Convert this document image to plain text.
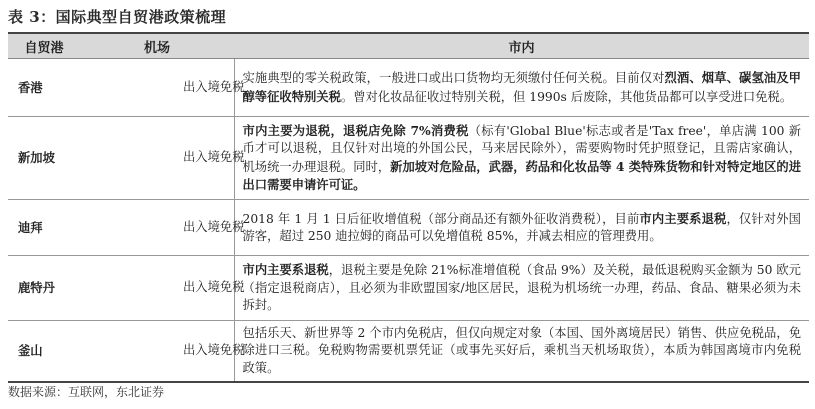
表 3：国际典型自贸港政策梳理
自贸港	机场	市内
香港	出入境免税	实施典型的零关税政策，一般进口或出口货物均无须缴付任何关税。目前仅对烈酒、烟草、碳氢油及甲醇等征收特别关税。曾对化妆品征收过特别关税，但 1990s 后废除，其他货品都可以享受进口免税。
新加坡	出入境免税	市内主要为退税，退税店免除 7%消费税（标有'Global Blue'标志或者是'Tax free'，单店满 100 新币才可以退税，且仅针对出境的外国公民，马来居民除外），需要购物时凭护照登记，且需店家确认，机场统一办理退税。同时，新加坡对危险品，武器，药品和化妆品等 4 类特殊货物和针对特定地区的进出口需要申请许可证。
迪拜	出入境免税	2018 年 1 月 1 日后征收增值税（部分商品还有额外征收消费税），目前市内主要系退税，仅针对外国游客，超过 250 迪拉姆的商品可以免增值税 85%，并减去相应的管理费用。
鹿特丹	出入境免税	市内主要系退税，退税主要是免除 21%标准增值税（食品 9%）及关税，最低退税购买金额为 50 欧元（指定退税商店），且必须为非欧盟国家/地区居民，退税为机场统一办理，药品、食品、糖果必须为未拆封。
釜山	出入境免税	包括乐天、新世界等 2 个市内免税店，但仅向规定对象（本国、国外离境居民）销售、供应免税品，免除进口三税。免税购物需要机票凭证（或事先买好后，乘机当天机场取货），本质为韩国离境市内免税政策。
数据来源：互联网，东北证券
